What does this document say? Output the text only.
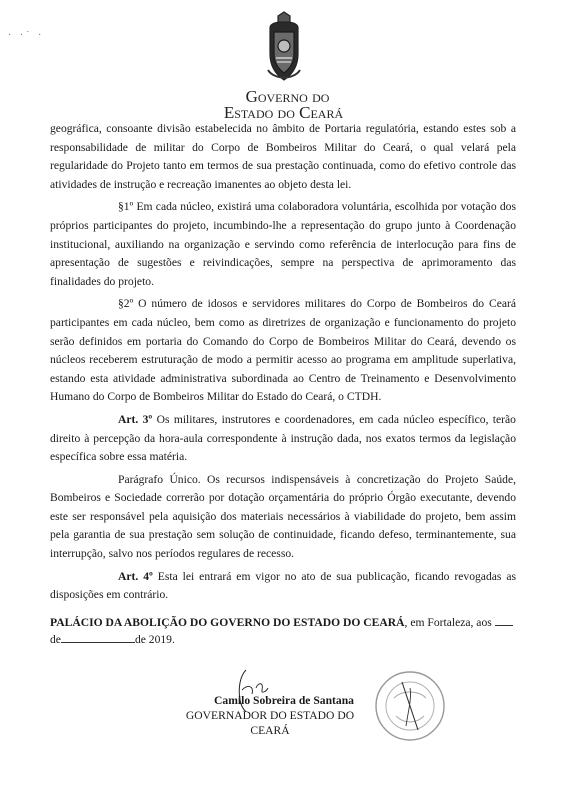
· ·˙ ·
Governo do
Estado do Ceará

geográfica, consoante divisão estabelecida no âmbito de Portaria regulatória, estando estes sob a responsabilidade de militar do Corpo de Bombeiros Militar do Ceará, o qual velará pela regularidade do Projeto tanto em termos de sua prestação continuada, como do efetivo controle das atividades de instrução e recreação imanentes ao objeto desta lei.

§1º Em cada núcleo, existirá uma colaboradora voluntária, escolhida por votação dos próprios participantes do projeto, incumbindo-lhe a representação do grupo junto à Coordenação institucional, auxiliando na organização e servindo como referência de interlocução para fins de apresentação de sugestões e reivindicações, sempre na perspectiva de aprimoramento das finalidades do projeto.

§2º O número de idosos e servidores militares do Corpo de Bombeiros do Ceará participantes em cada núcleo, bem como as diretrizes de organização e funcionamento do projeto serão definidos em portaria do Comando do Corpo de Bombeiros Militar do Ceará, devendo os núcleos receberem estruturação de modo a permitir acesso ao programa em amplitude superlativa, estando esta atividade administrativa subordinada ao Centro de Treinamento e Desenvolvimento Humano do Corpo de Bombeiros Militar do Estado do Ceará, o CTDH.

Art. 3º Os militares, instrutores e coordenadores, em cada núcleo específico, terão direito à percepção da hora-aula correspondente à instrução dada, nos exatos termos da legislação específica sobre essa matéria.

Parágrafo Único. Os recursos indispensáveis à concretização do Projeto Saúde, Bombeiros e Sociedade correrão por dotação orçamentária do próprio Órgão executante, devendo este ser responsável pela aquisição dos materiais necessários à viabilidade do projeto, bem assim pela garantia de sua prestação sem solução de continuidade, ficando defeso, terminantemente, sua interrupção, salvo nos períodos regulares de recesso.

Art. 4º Esta lei entrará em vigor no ato de sua publicação, ficando revogadas as disposições em contrário.

PALÁCIO DA ABOLIÇÃO DO GOVERNO DO ESTADO DO CEARÁ, em Fortaleza, aos
de	de 2019.
Camilo Sobreira de Santana
GOVERNADOR DO ESTADO DO CEARÁ
